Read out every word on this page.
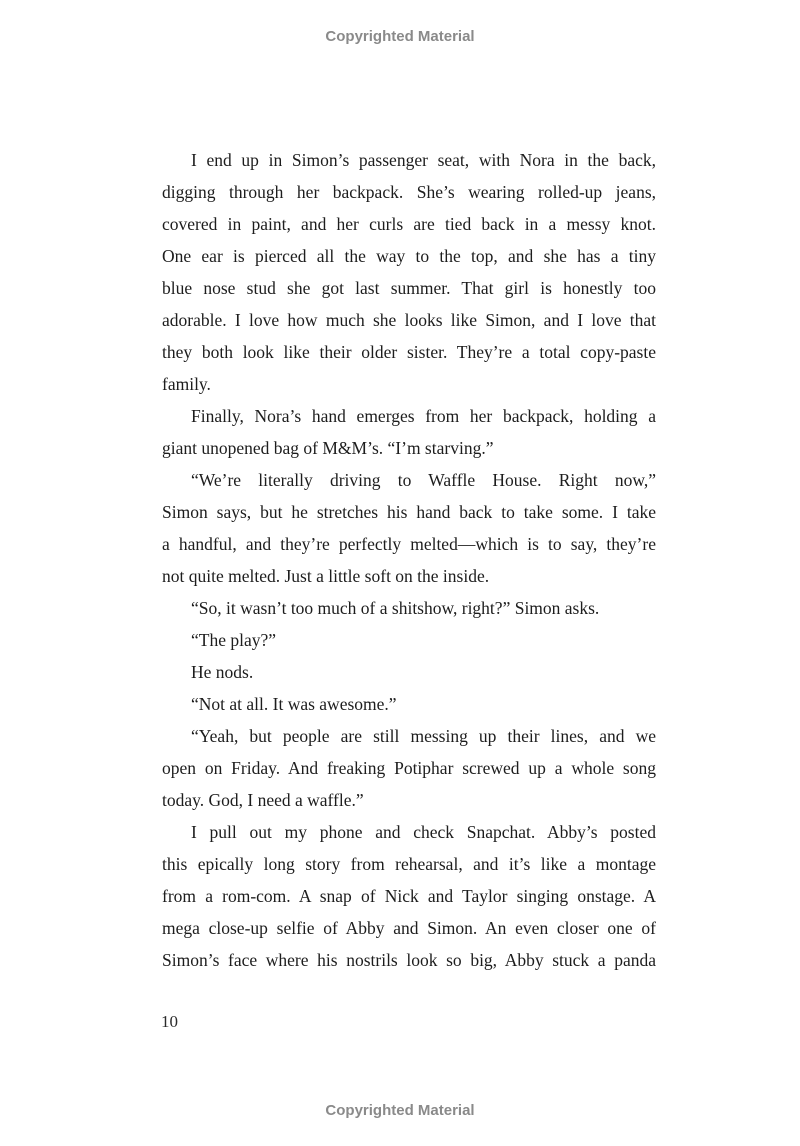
Copyrighted Material
I end up in Simon’s passenger seat, with Nora in the back,
digging through her backpack. She’s wearing rolled-up jeans,
covered in paint, and her curls are tied back in a messy knot.
One ear is pierced all the way to the top, and she has a tiny
blue nose stud she got last summer. That girl is honestly too
adorable. I love how much she looks like Simon, and I love that
they both look like their older sister. They’re a total copy-paste
family.
Finally, Nora’s hand emerges from her backpack, holding a
giant unopened bag of M&M’s. “I’m starving.”
“We’re literally driving to Waffle House. Right now,”
Simon says, but he stretches his hand back to take some. I take
a handful, and they’re perfectly melted—which is to say, they’re
not quite melted. Just a little soft on the inside.
“So, it wasn’t too much of a shitshow, right?” Simon asks.
“The play?”
He nods.
“Not at all. It was awesome.”
“Yeah, but people are still messing up their lines, and we
open on Friday. And freaking Potiphar screwed up a whole song
today. God, I need a waffle.”
I pull out my phone and check Snapchat. Abby’s posted
this epically long story from rehearsal, and it’s like a montage
from a rom-com. A snap of Nick and Taylor singing onstage. A
mega close-up selfie of Abby and Simon. An even closer one of
Simon’s face where his nostrils look so big, Abby stuck a panda
10
Copyrighted Material
